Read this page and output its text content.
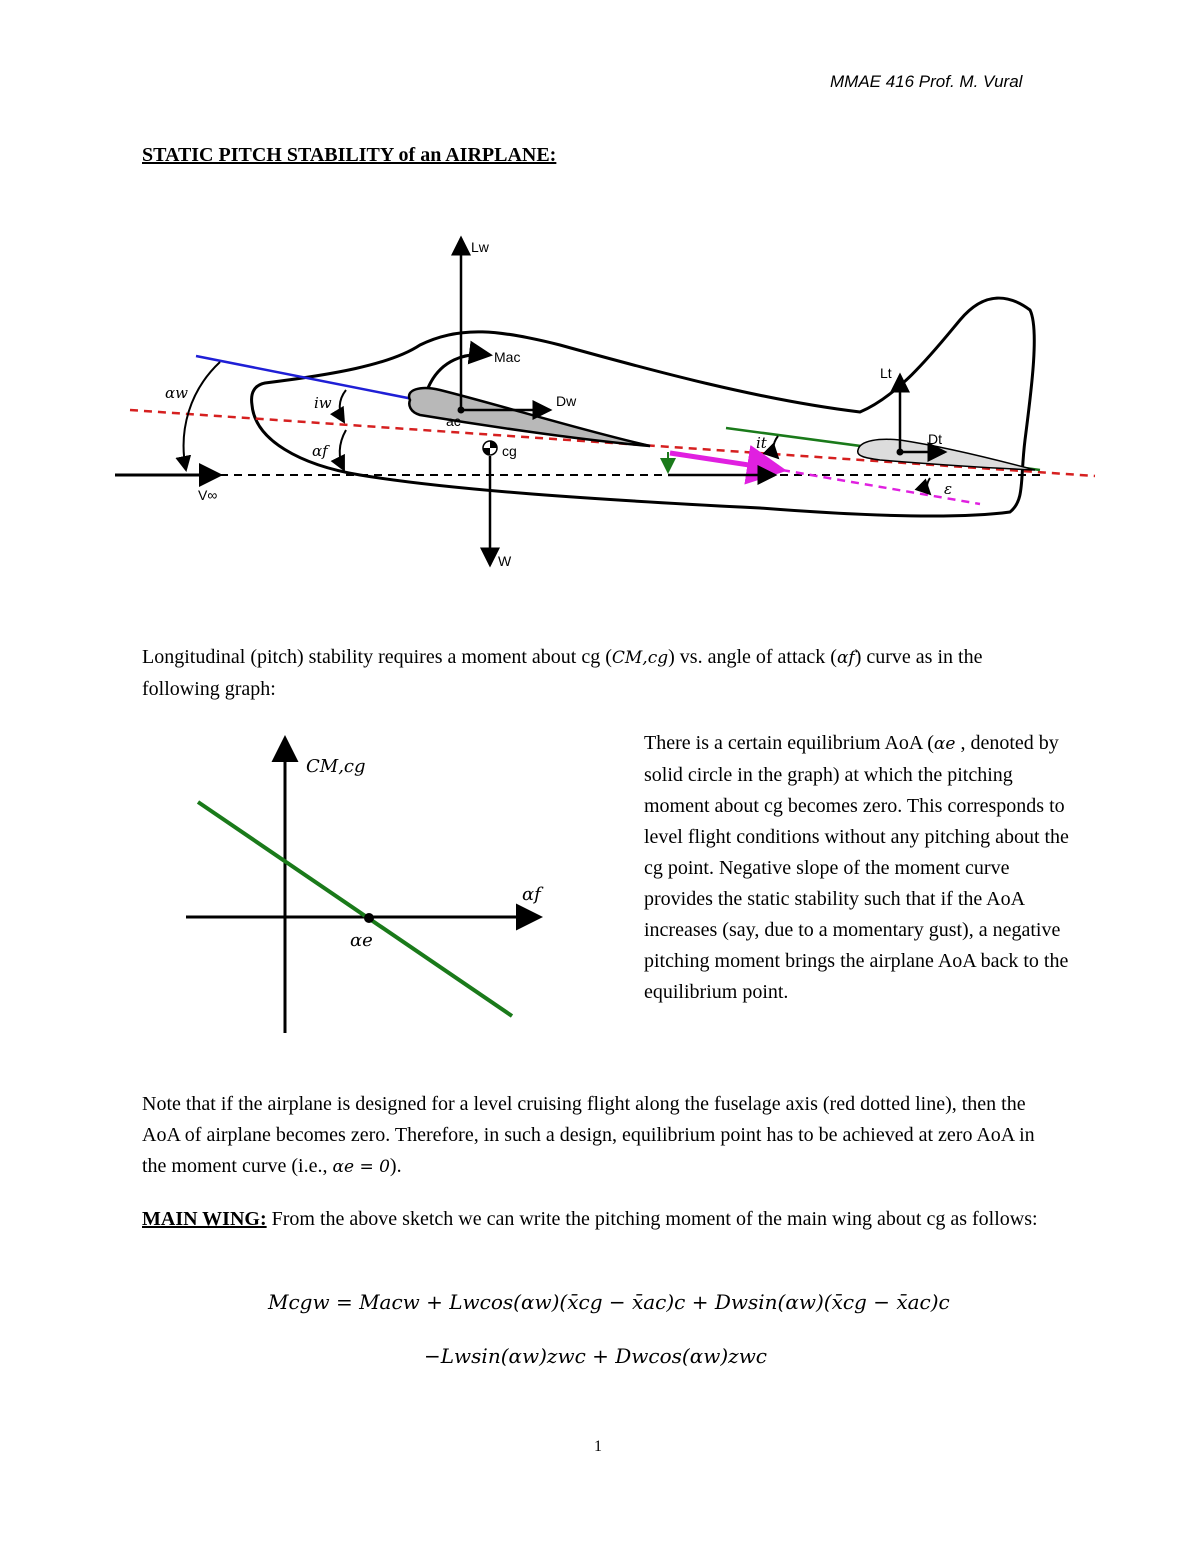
MMAE 416 Prof. M. Vural
STATIC PITCH STABILITY of an AIRPLANE:
V∞
Lw
Mac
Dw
ac
cg
W
αw
iw
αf
Lt
Dt
it
ε

Longitudinal (pitch) stability requires a moment about cg (CM,cg) vs. angle of attack (αf) curve as in the following graph:

CM,cg
αf
αe

There is a certain equilibrium AoA (αe , denoted by solid circle in the graph) at which the pitching moment about cg becomes zero. This corresponds to level flight conditions without any pitching about the cg point. Negative slope of the moment curve provides the static stability such that if the AoA increases (say, due to a momentary gust), a negative pitching moment brings the airplane AoA back to the equilibrium point.

Note that if the airplane is designed for a level cruising flight along the fuselage axis (red dotted line), then the AoA of airplane becomes zero. Therefore, in such a design, equilibrium point has to be achieved at zero AoA in the moment curve (i.e., αe = 0).

MAIN WING: From the above sketch we can write the pitching moment of the main wing about cg as follows:

Mcgw = Macw + Lwcos(αw)(x̄cg − x̄ac)c + Dwsin(αw)(x̄cg − x̄ac)c
−Lwsin(αw)zwc + Dwcos(αw)zwc
1
